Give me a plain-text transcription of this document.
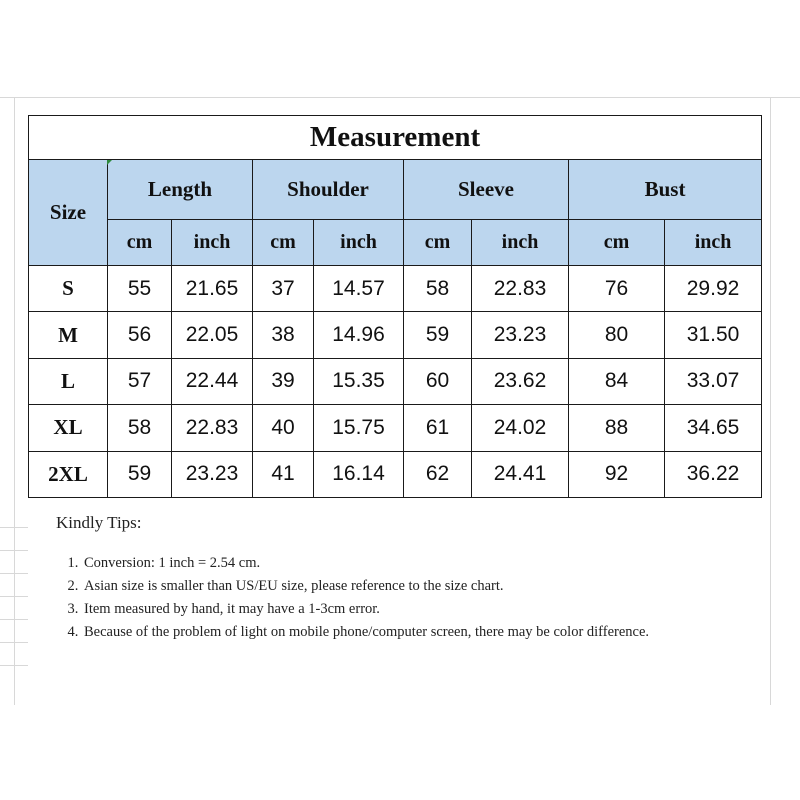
Measurement								
Size	Length		Shoulder		Sleeve		Bust	
	cm	inch	cm	inch	cm	inch	cm	inch
S	55	21.65	37	14.57	58	22.83	76	29.92
M	56	22.05	38	14.96	59	23.23	80	31.50
L	57	22.44	39	15.35	60	23.62	84	33.07
XL	58	22.83	40	15.75	61	24.02	88	34.65
2XL	59	23.23	41	16.14	62	24.41	92	36.22
Kindly Tips:
1. Conversion: 1 inch = 2.54 cm.
2. Asian size is smaller than US/EU size, please reference to the size chart.
3. Item measured by hand, it may have a 1-3cm error.
4. Because of the problem of light on mobile phone/computer screen, there may be color difference.
